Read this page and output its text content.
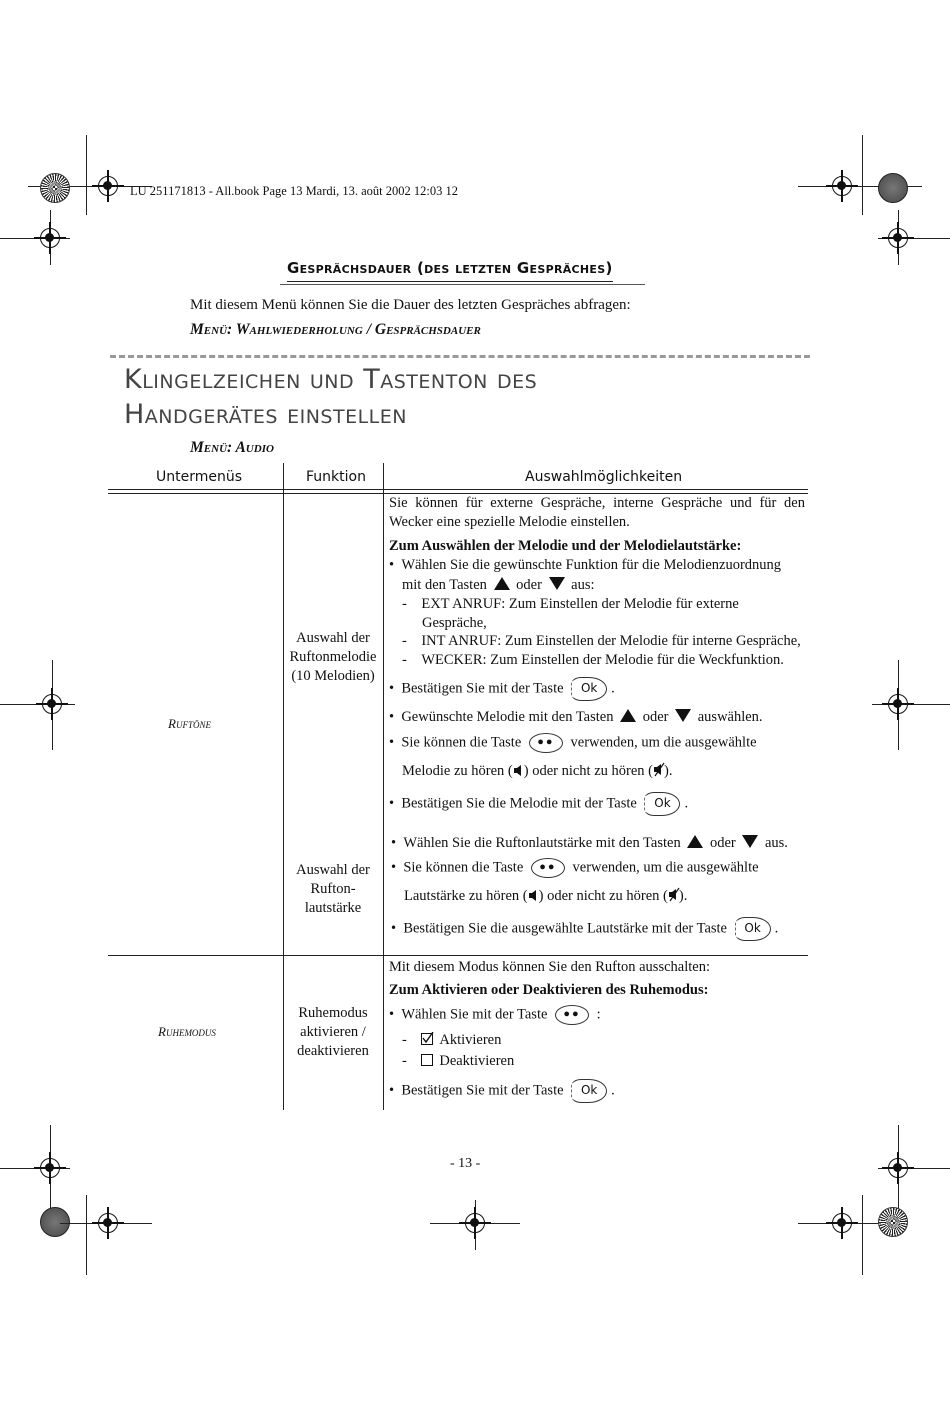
LU 251171813 - All.book Page 13 Mardi, 13. août 2002 12:03 12
Gesprächsdauer (des letzten Gespräches)
Mit diesem Menü können Sie die Dauer des letzten Gespräches abfragen:
Menü: Wahlwiederholung / Gesprächsdauer
Klingelzeichen und Tastenton des
Handgerätes einstellen
Menü: Audio
Untermenüs	Funktion	Auswahlmöglichkeiten
Ruftöne
Auswahl der
Ruftonmelodie
(10 Melodien)
Auswahl der
Rufton-
lautstärke
Sie können für externe Gespräche, interne Gespräche und für den Wecker eine spezielle Melodie einstellen.
Zum Auswählen der Melodie und der Melodielautstärke:
•  Wählen Sie die gewünschte Funktion für die Melodienzuordnung
mit den Tasten oder aus:
-    EXT ANRUF: Zum Einstellen der Melodie für externe
Gespräche,
-    INT ANRUF: Zum Einstellen der Melodie für interne Gespräche,
-    WECKER: Zum Einstellen der Melodie für die Weckfunktion.
•  Bestätigen Sie mit der Taste Ok .
•  Gewünschte Melodie mit den Tasten oder auswählen.
•  Sie können die Taste ●● verwenden, um die ausgewählte
Melodie zu hören ( ) oder nicht zu hören ( ).
•  Bestätigen Sie die Melodie mit der Taste Ok .
•  Wählen Sie die Ruftonlautstärke mit den Tasten oder aus.
•  Sie können die Taste ●● verwenden, um die ausgewählte
Lautstärke zu hören ( ) oder nicht zu hören ( ).
•  Bestätigen Sie die ausgewählte Lautstärke mit der Taste Ok .
Ruhemodus
Ruhemodus
aktivieren /
deaktivieren
Mit diesem Modus können Sie den Rufton ausschalten:
Zum Aktivieren oder Deaktivieren des Ruhemodus:
•  Wählen Sie mit der Taste ●● :
-
Aktivieren
-    Deaktivieren
•  Bestätigen Sie mit der Taste Ok .
- 13 -
